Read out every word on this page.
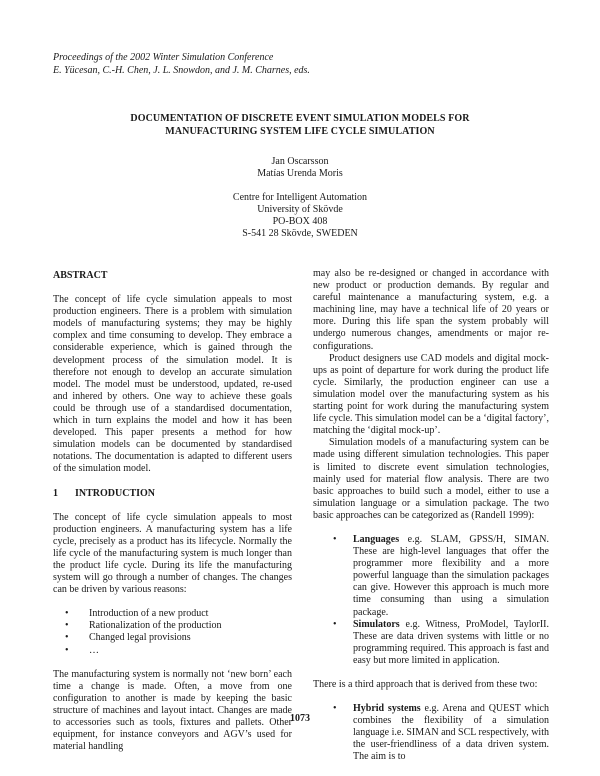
Proceedings of the 2002 Winter Simulation Conference
E. Yücesan, C.-H. Chen, J. L. Snowdon, and J. M. Charnes, eds.
DOCUMENTATION OF DISCRETE EVENT SIMULATION MODELS FOR
MANUFACTURING SYSTEM LIFE CYCLE SIMULATION
Jan Oscarsson
Matías Urenda Moris
Centre for Intelligent Automation
University of Skövde
PO-BOX 408
S-541 28 Skövde, SWEDEN
ABSTRACT

The concept of life cycle simulation appeals to most production engineers. There is a problem with simulation models of manufacturing systems; they may be highly complex and time consuming to develop. They embrace a considerable experience, which is gained through the development process of the simulation model. It is therefore not enough to develop an accurate simulation model. The model must be understood, updated, re-used and inhered by others. One way to achieve these goals could be through use of a standardised documentation, which in turn explains the model and how it has been developed. This paper presents a method for how simulation models can be documented by standardised notations. The documentation is adapted to different users of the simulation model.

1 INTRODUCTION

The concept of life cycle simulation appeals to most production engineers. A manufacturing system has a life cycle, precisely as a product has its lifecycle. Normally the life cycle of the manufacturing system is much longer than the product life cycle. During its life the manufacturing system will go through a number of changes. The changes can be driven by various reasons:

• Introduction of a new product
• Rationalization of the production
• Changed legal provisions
• …

The manufacturing system is normally not ‘new born’ each time a change is made. Often, a move from one configuration to another is made by keeping the basic structure of machines and layout intact. Changes are made to accessories such as tools, fixtures and pallets. Other equipment, for instance conveyors and AGV’s used for material handling

may also be re-designed or changed in accordance with new product or production demands. By regular and careful maintenance a manufacturing system, e.g. a machining line, may have a technical life of 20 years or more. During this life span the system probably will undergo numerous changes, amendments or major re-configurations.

Product designers use CAD models and digital mock-ups as point of departure for work during the product life cycle. Similarly, the production engineer can use a simulation model over the manufacturing system as his starting point for work during the manufacturing system life cycle. This simulation model can be a ‘digital factory’, matching the ‘digital mock-up’.

Simulation models of a manufacturing system can be made using different simulation technologies. This paper is limited to discrete event simulation technologies, mainly used for material flow analysis. There are two basic approaches to build such a model, either to use a simulation language or a simulation package. The two basic approaches can be categorized as (Randell 1999):

• Languages e.g. SLAM, GPSS/H, SIMAN. These are high-level languages that offer the programmer more flexibility and a more powerful language than the simulation packages can give. However this approach is much more time consuming than using a simulation package.
• Simulators e.g. Witness, ProModel, TaylorII. These are data driven systems with little or no programming required. This approach is fast and easy but more limited in application.

There is a third approach that is derived from these two:

• Hybrid systems e.g. Arena and QUEST which combines the flexibility of a simulation language i.e. SIMAN and SCL respectively, with the user-friendliness of a data driven system. The aim is to
1073
